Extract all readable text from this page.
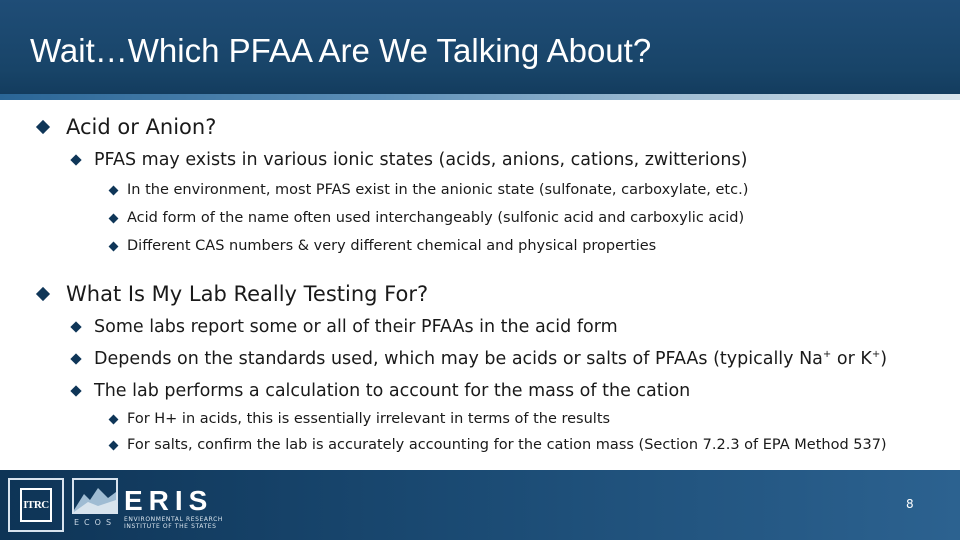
Wait…Which PFAA Are We Talking About?
Acid or Anion?
PFAS may exists in various ionic states (acids, anions, cations, zwitterions)
In the environment, most PFAS exist in the anionic state (sulfonate, carboxylate, etc.)
Acid form of the name often used interchangeably (sulfonic acid and carboxylic acid)
Different CAS numbers & very different chemical and physical properties
What Is My Lab Really Testing For?
Some labs report some or all of their PFAAs in the acid form
Depends on the standards used, which may be acids or salts of PFAAs (typically Na+ or K+)
The lab performs a calculation to account for the mass of the cation
For H+ in acids, this is essentially irrelevant in terms of the results
For salts, confirm the lab is accurately accounting for the cation mass (Section 7.2.3 of EPA Method 537)
ITRC
ECOS
ERIS
ENVIRONMENTAL RESEARCH
INSTITUTE OF THE STATES
8
